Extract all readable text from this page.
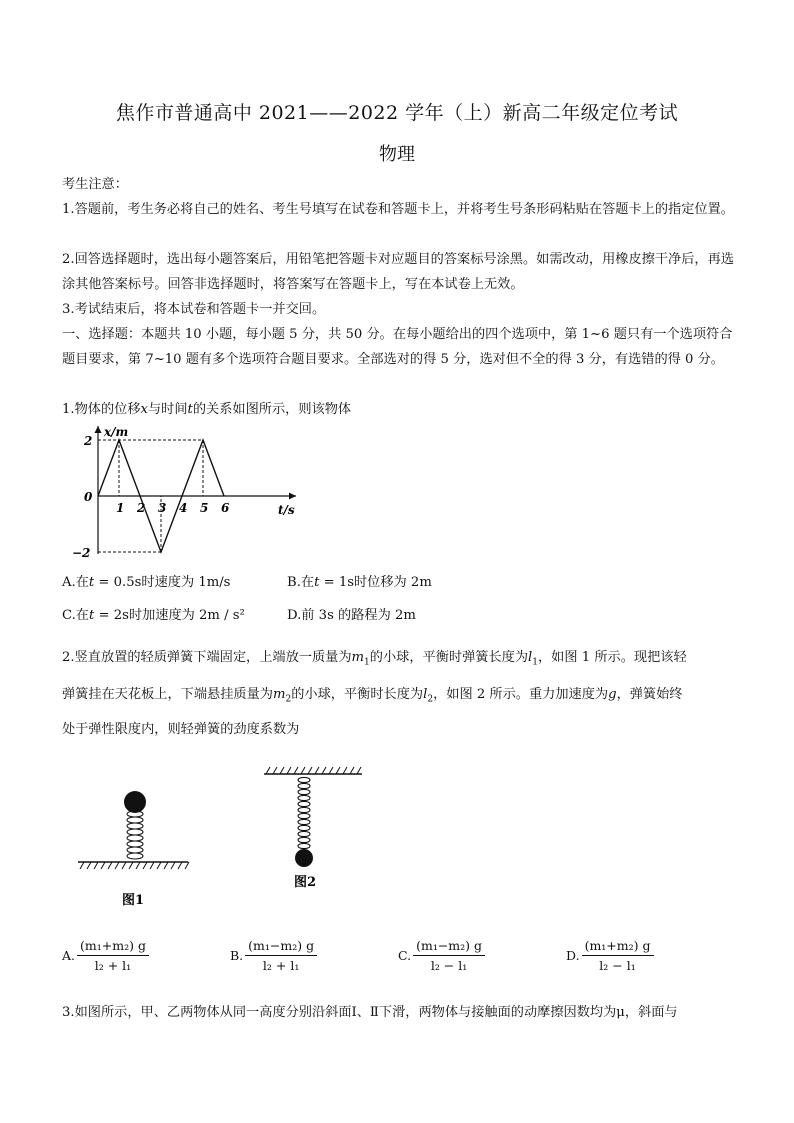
焦作市普通高中 2021——2022 学年（上）新高二年级定位考试
物理
考生注意：
1.答题前，考生务必将自己的姓名、考生号填写在试卷和答题卡上，并将考生号条形码粘贴在答题卡上的指定位置。
2.回答选择题时，选出每小题答案后，用铅笔把答题卡对应题目的答案标号涂黑。如需改动，用橡皮擦干净后，再选涂其他答案标号。回答非选择题时，将答案写在答题卡上，写在本试卷上无效。
3.考试结束后，将本试卷和答题卡一并交回。
一、选择题：本题共 10 小题，每小题 5 分，共 50 分。在每小题给出的四个选项中，第 1~6 题只有一个选项符合题目要求，第 7~10 题有多个选项符合题目要求。全部选对的得 5 分，选对但不全的得 3 分，有选错的得 0 分。
1.物体的位移x与时间t的关系如图所示，则该物体
1 2 3 4 5 6
2
−2
x/m
t/s
0
A.在t = 0.5s时速度为 1m/s	B.在t = 1s时位移为 2m
C.在t = 2s时加速度为 2m / s²	D.前 3s 的路程为 2m
2.竖直放置的轻质弹簧下端固定，上端放一质量为$m_1$的小球，平衡时弹簧长度为$l_1$，如图 1 所示。现把该轻
弹簧挂在天花板上，下端悬挂质量为$m_2$的小球，平衡时长度为$l_2$，如图 2 所示。重力加速度为g，弹簧始终
处于弹性限度内，则轻弹簧的劲度系数为
图1
图2
A. $\frac{\text{(m₁+m₂) g}}{\text{l₂ + l₁}}$	B. $\frac{\text{(m₁−m₂) g}}{\text{l₂ + l₁}}$	C. $\frac{\text{(m₁−m₂) g}}{\text{l₂ − l₁}}$	D. $\frac{\text{(m₁+m₂) g}}{\text{l₂ − l₁}}$
3.如图所示，甲、乙两物体从同一高度分别沿斜面Ⅰ、Ⅱ下滑，两物体与接触面的动摩擦因数均为μ，斜面与
